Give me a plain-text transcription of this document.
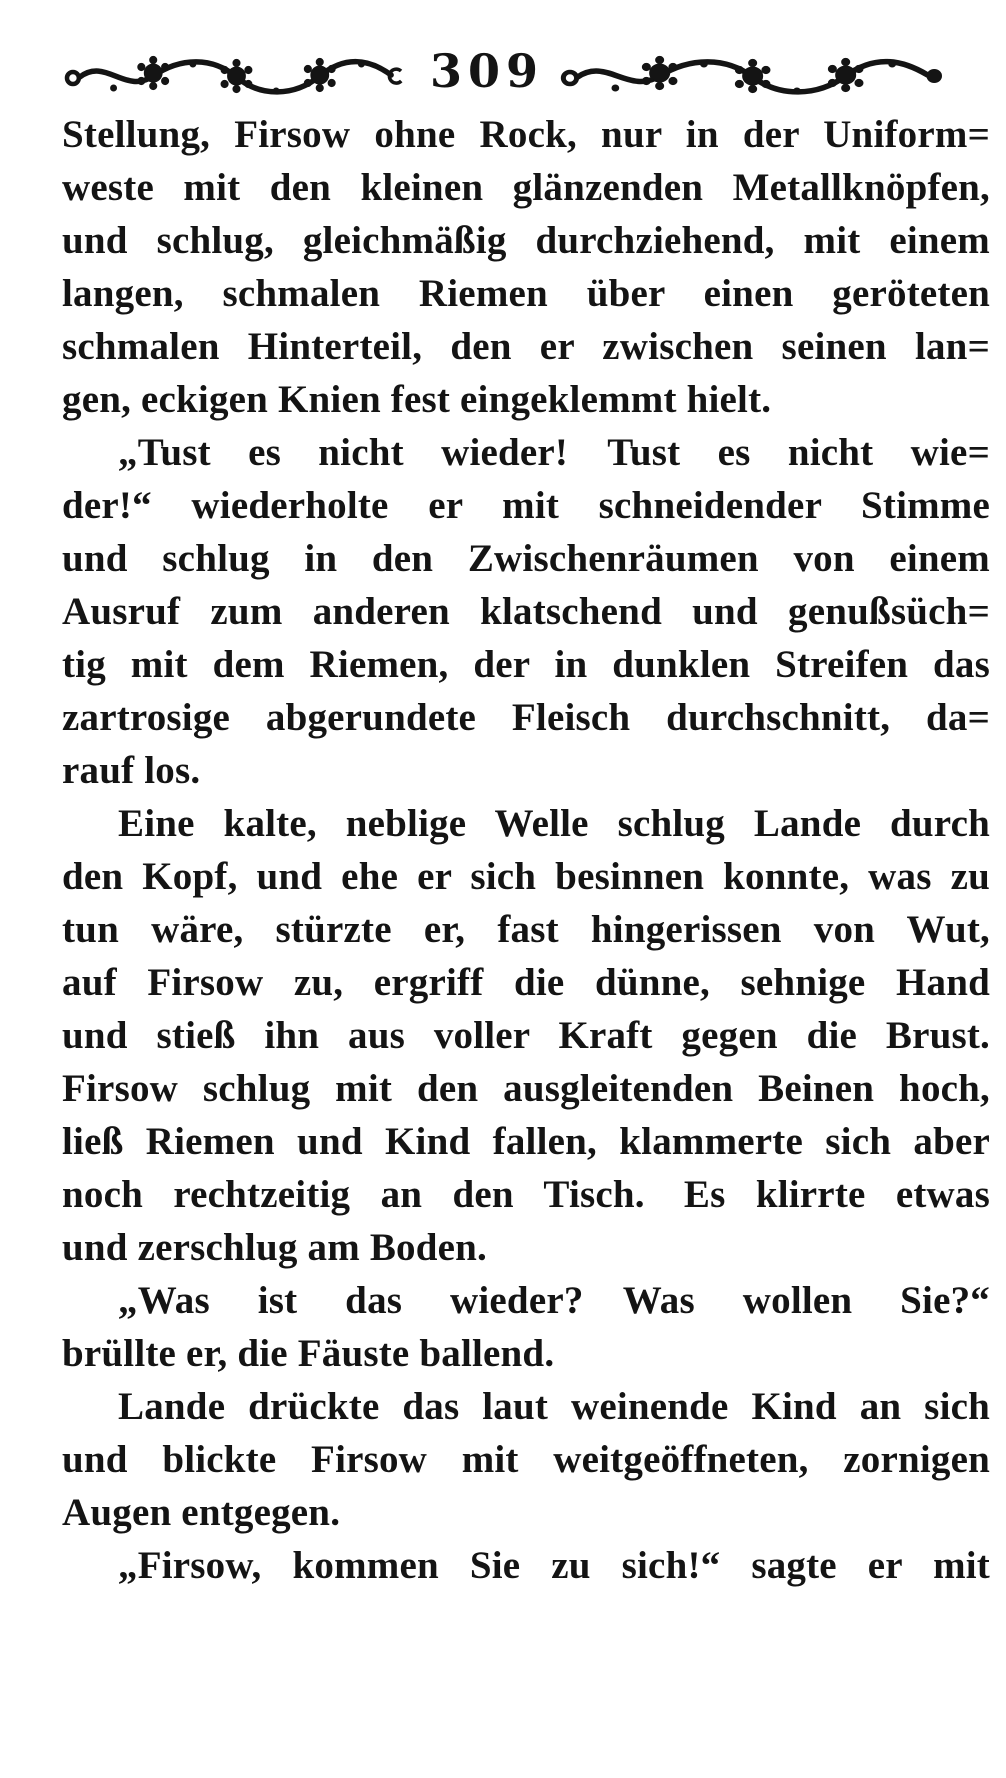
309
Stellung, Firsow ohne Rock, nur in der Uniform=
weste mit den kleinen glänzenden Metallknöpfen,
und schlug, gleichmäßig durchziehend, mit einem
langen, schmalen Riemen über einen geröteten
schmalen Hinterteil, den er zwischen seinen lan=
gen, eckigen Knien fest eingeklemmt hielt.
„Tust es nicht wieder! Tust es nicht wie=
der!“ wiederholte er mit schneidender Stimme
und schlug in den Zwischenräumen von einem
Ausruf zum anderen klatschend und genußsüch=
tig mit dem Riemen, der in dunklen Streifen das
zartrosige abgerundete Fleisch durchschnitt, da=
rauf los.
Eine kalte, neblige Welle schlug Lande durch
den Kopf, und ehe er sich besinnen konnte, was zu
tun wäre, stürzte er, fast hingerissen von Wut,
auf Firsow zu, ergriff die dünne, sehnige Hand
und stieß ihn aus voller Kraft gegen die Brust.
Firsow schlug mit den ausgleitenden Beinen hoch,
ließ Riemen und Kind fallen, klammerte sich aber
noch rechtzeitig an den Tisch. Es klirrte etwas
und zerschlug am Boden.
„Was ist das wieder? Was wollen Sie?“
brüllte er, die Fäuste ballend.
Lande drückte das laut weinende Kind an sich
und blickte Firsow mit weitgeöffneten, zornigen
Augen entgegen.
„Firsow, kommen Sie zu sich!“ sagte er mit
